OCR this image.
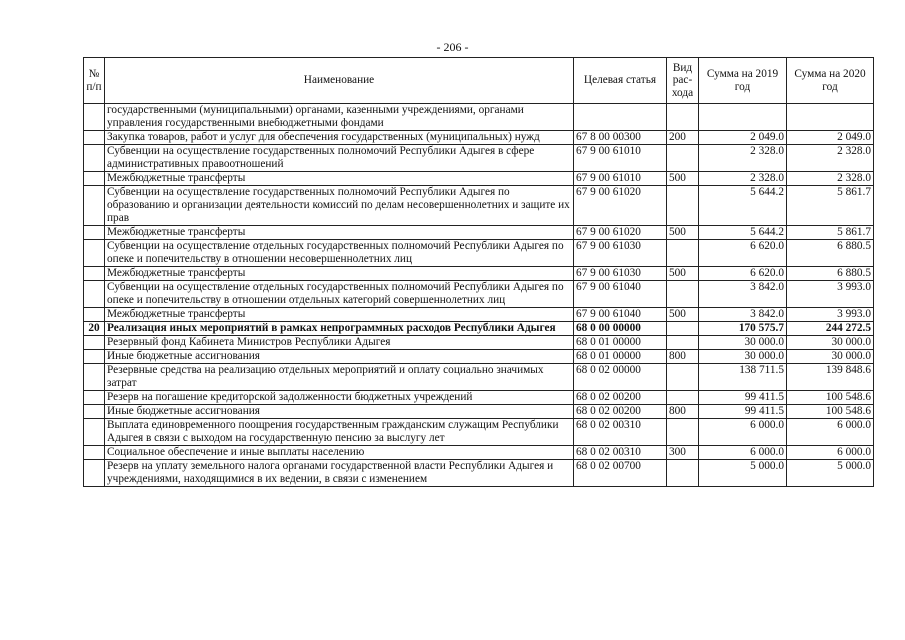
- 206 -
№ п/п	Наименование	Целевая статья	Вид рас- хода	Сумма на 2019 год	Сумма на 2020 год
	государственными (муниципальными) органами, казенными учреждениями, органами управления государственными внебюджетными фондами				
	Закупка товаров, работ и услуг для обеспечения государственных (муниципальных) нужд	67 8 00 00300	200	2 049.0	2 049.0
	Субвенции на осуществление государственных полномочий Республики Адыгея в сфере административных правоотношений	67 9 00 61010		2 328.0	2 328.0
	Межбюджетные трансферты	67 9 00 61010	500	2 328.0	2 328.0
	Субвенции на осуществление государственных полномочий Республики Адыгея по образованию и организации деятельности комиссий по делам несовершеннолетних и защите их прав	67 9 00 61020		5 644.2	5 861.7
	Межбюджетные трансферты	67 9 00 61020	500	5 644.2	5 861.7
	Субвенции на осуществление отдельных государственных полномочий Республики Адыгея по опеке и попечительству в отношении несовершеннолетних лиц	67 9 00 61030		6 620.0	6 880.5
	Межбюджетные трансферты	67 9 00 61030	500	6 620.0	6 880.5
	Субвенции на осуществление отдельных государственных полномочий Республики Адыгея по опеке и попечительству в отношении отдельных категорий совершеннолетних лиц	67 9 00 61040		3 842.0	3 993.0
	Межбюджетные трансферты	67 9 00 61040	500	3 842.0	3 993.0
20	Реализация иных мероприятий в рамках непрограммных расходов Республики Адыгея	68 0 00 00000		170 575.7	244 272.5
	Резервный фонд Кабинета Министров Республики Адыгея	68 0 01 00000		30 000.0	30 000.0
	Иные бюджетные ассигнования	68 0 01 00000	800	30 000.0	30 000.0
	Резервные средства на реализацию отдельных мероприятий и оплату социально значимых затрат	68 0 02 00000		138 711.5	139 848.6
	Резерв на погашение кредиторской задолженности бюджетных учреждений	68 0 02 00200		99 411.5	100 548.6
	Иные бюджетные ассигнования	68 0 02 00200	800	99 411.5	100 548.6
	Выплата единовременного поощрения государственным гражданским служащим Республики Адыгея в связи с выходом на государственную пенсию за выслугу лет	68 0 02 00310		6 000.0	6 000.0
	Социальное обеспечение и иные выплаты населению	68 0 02 00310	300	6 000.0	6 000.0
	Резерв на уплату земельного налога органами государственной власти Республики Адыгея и учреждениями, находящимися в их ведении, в связи с изменением	68 0 02 00700		5 000.0	5 000.0
